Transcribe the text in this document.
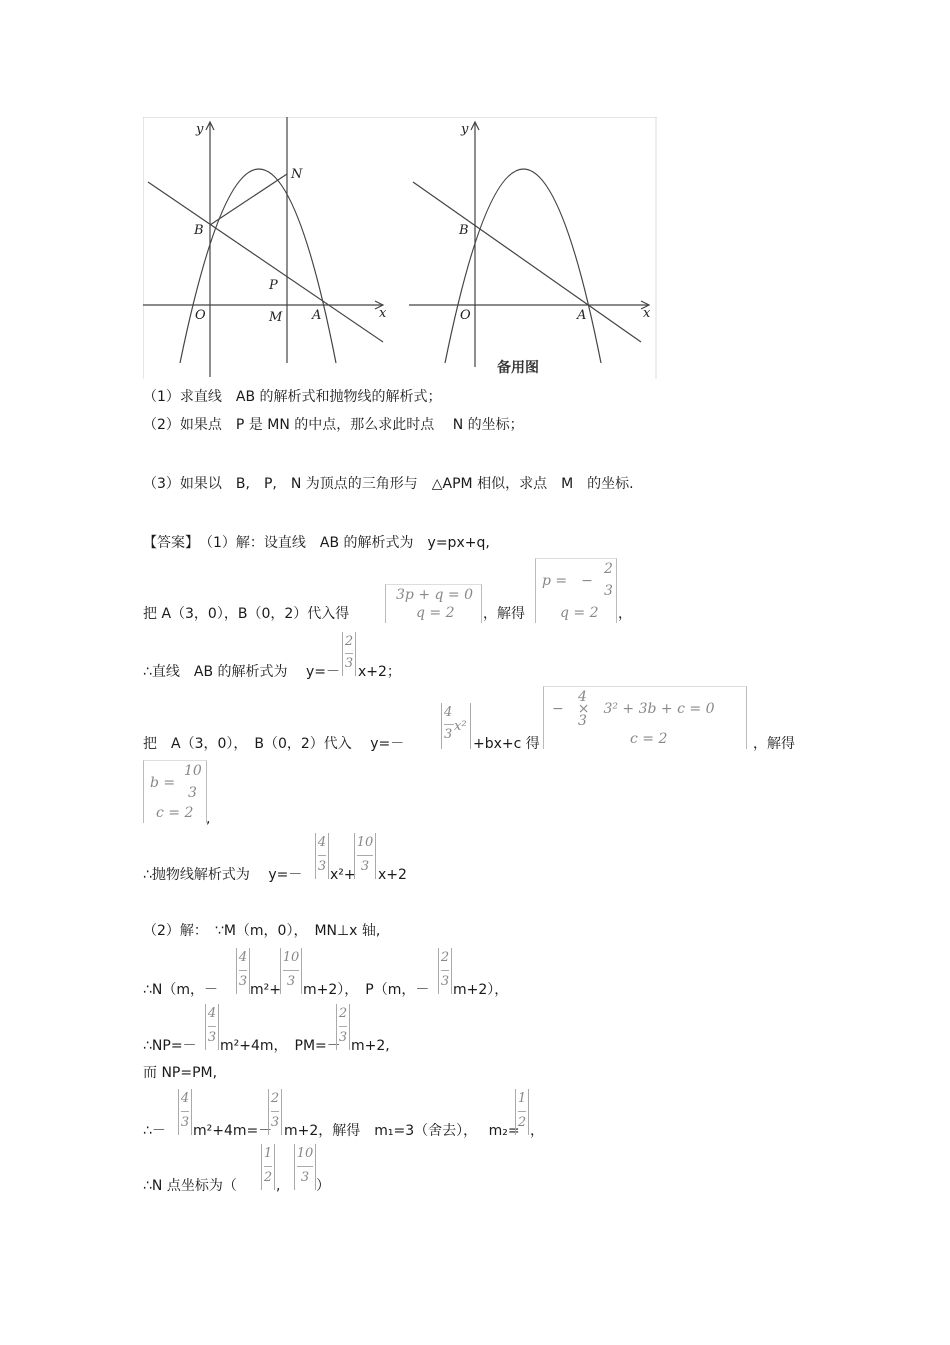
y
x
O	M A
B
N
P
y
x
O	A
B
备用图
（1）求直线　AB 的解析式和抛物线的解析式；
（2）如果点　P 是 MN 的中点，那么求此时点　 N 的坐标；
（3）如果以　B,　P,　N 为顶点的三角形与　△APM 相似，求点　M　的坐标.
【答案】　（1）解：设直线　AB 的解析式为　y=px+q,
把 A（3，0），B（0，2）代入得
3p + q = 0
q = 2 ，解得
p =　−
2
3
q = 2 ，
∴直线　AB 的解析式为　 y=－
2
3
x+2；
把　A（3，0），　B（0，2）代入　 y=－
4
3
x²
+bx+c 得
−　×　3² + 3b + c = 0
4
3
c = 2	，解得
b =
10
3
c = 2 ,
∴抛物线解析式为　 y=－
4
3
x²+
10
3
x+2
（2）解：　∵M（m，0），　MN⊥x 轴,
∴N（m，－
4
3
m²+
10
3
m+2），　P（m，－
2
3
m+2），
∴NP=－
4
3
m²+4m，　PM=－
2
3
m+2,
而 NP=PM,
∴－
4
3
m²+4m=－
2
3
m+2，解得　m₁=3（舍去），　 m₂=
1
2
，
∴N 点坐标为（
1
2
,
10
3
）
